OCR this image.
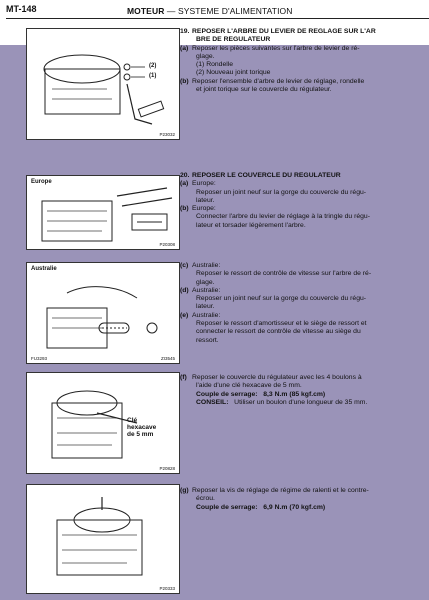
MT-148	MOTEUR — SYSTEME D'ALIMENTATION
(2)
(1)
P23032
Europe
P20308
Australie
FU3293	ZI3545
Clé
hexacave
de 5 mm
P20828
P20333
19. REPOSER L'ARBRE DU LEVIER DE REGLAGE SUR L'AR
BRE DE REGULATEUR
(a) Reposer les pièces suivantes sur l'arbre de levier de ré-
glage.
(1) Rondelle
(2) Nouveau joint torique
(b) Reposer l'ensemble d'arbre de levier de réglage, rondelle
et joint torique sur le couvercle du régulateur.
20. REPOSER LE COUVERCLE DU REGULATEUR
(a) Europe:
Reposer un joint neuf sur la gorge du couvercle du régu-
lateur.
(b) Europe:
Connecter l'arbre du levier de réglage à la tringle du régu-
lateur et torsader légèrement l'arbre.
(c) Australie:
Reposer le ressort de contrôle de vitesse sur l'arbre de ré-
glage.
(d) Australie:
Reposer un joint neuf sur la gorge du couvercle du régu-
lateur.
(e) Australie:
Reposer le ressort d'amortisseur et le siège de ressort et
connecter le ressort de contrôle de vitesse au siège du
ressort.
(f) Reposer le couvercle du régulateur avec les 4 boulons à
l'aide d'une clé hexacave de 5 mm.
Couple de serrage: 8,3 N.m (85 kgf.cm)
CONSEIL: Utiliser un boulon d'une longueur de 35 mm.
(g) Reposer la vis de réglage de régime de ralenti et le contre-
écrou.
Couple de serrage: 6,9 N.m (70 kgf.cm)
